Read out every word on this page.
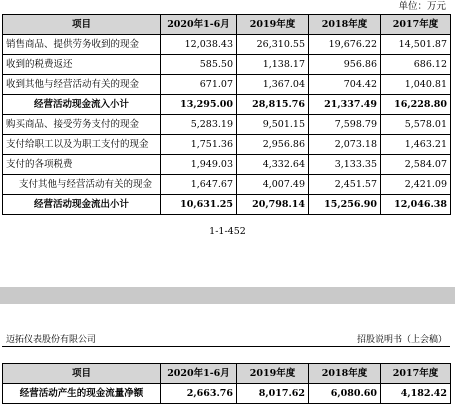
单位：万元
项目	2020年1-6月	2019年度	2018年度	2017年度
销售商品、提供劳务收到的现金	12,038.43	26,310.55	19,676.22	14,501.87
收到的税费返还	585.50	1,138.17	956.86	686.12
收到其他与经营活动有关的现金	671.07	1,367.04	704.42	1,040.81
经营活动现金流入小计	13,295.00	28,815.76	21,337.49	16,228.80
购买商品、接受劳务支付的现金	5,283.19	9,501.15	7,598.79	5,578.01
支付给职工以及为职工支付的现金	1,751.36	2,956.86	2,073.18	1,463.21
支付的各项税费	1,949.03	4,332.64	3,133.35	2,584.07
支付其他与经营活动有关的现金	1,647.67	4,007.49	2,451.57	2,421.09
经营活动现金流出小计	10,631.25	20,798.14	15,256.90	12,046.38
1-1-452
迈拓仪表股份有限公司	招股说明书（上会稿）
项目	2020年1-6月	2019年度	2018年度	2017年度
经营活动产生的现金流量净额	2,663.76	8,017.62	6,080.60	4,182.42
